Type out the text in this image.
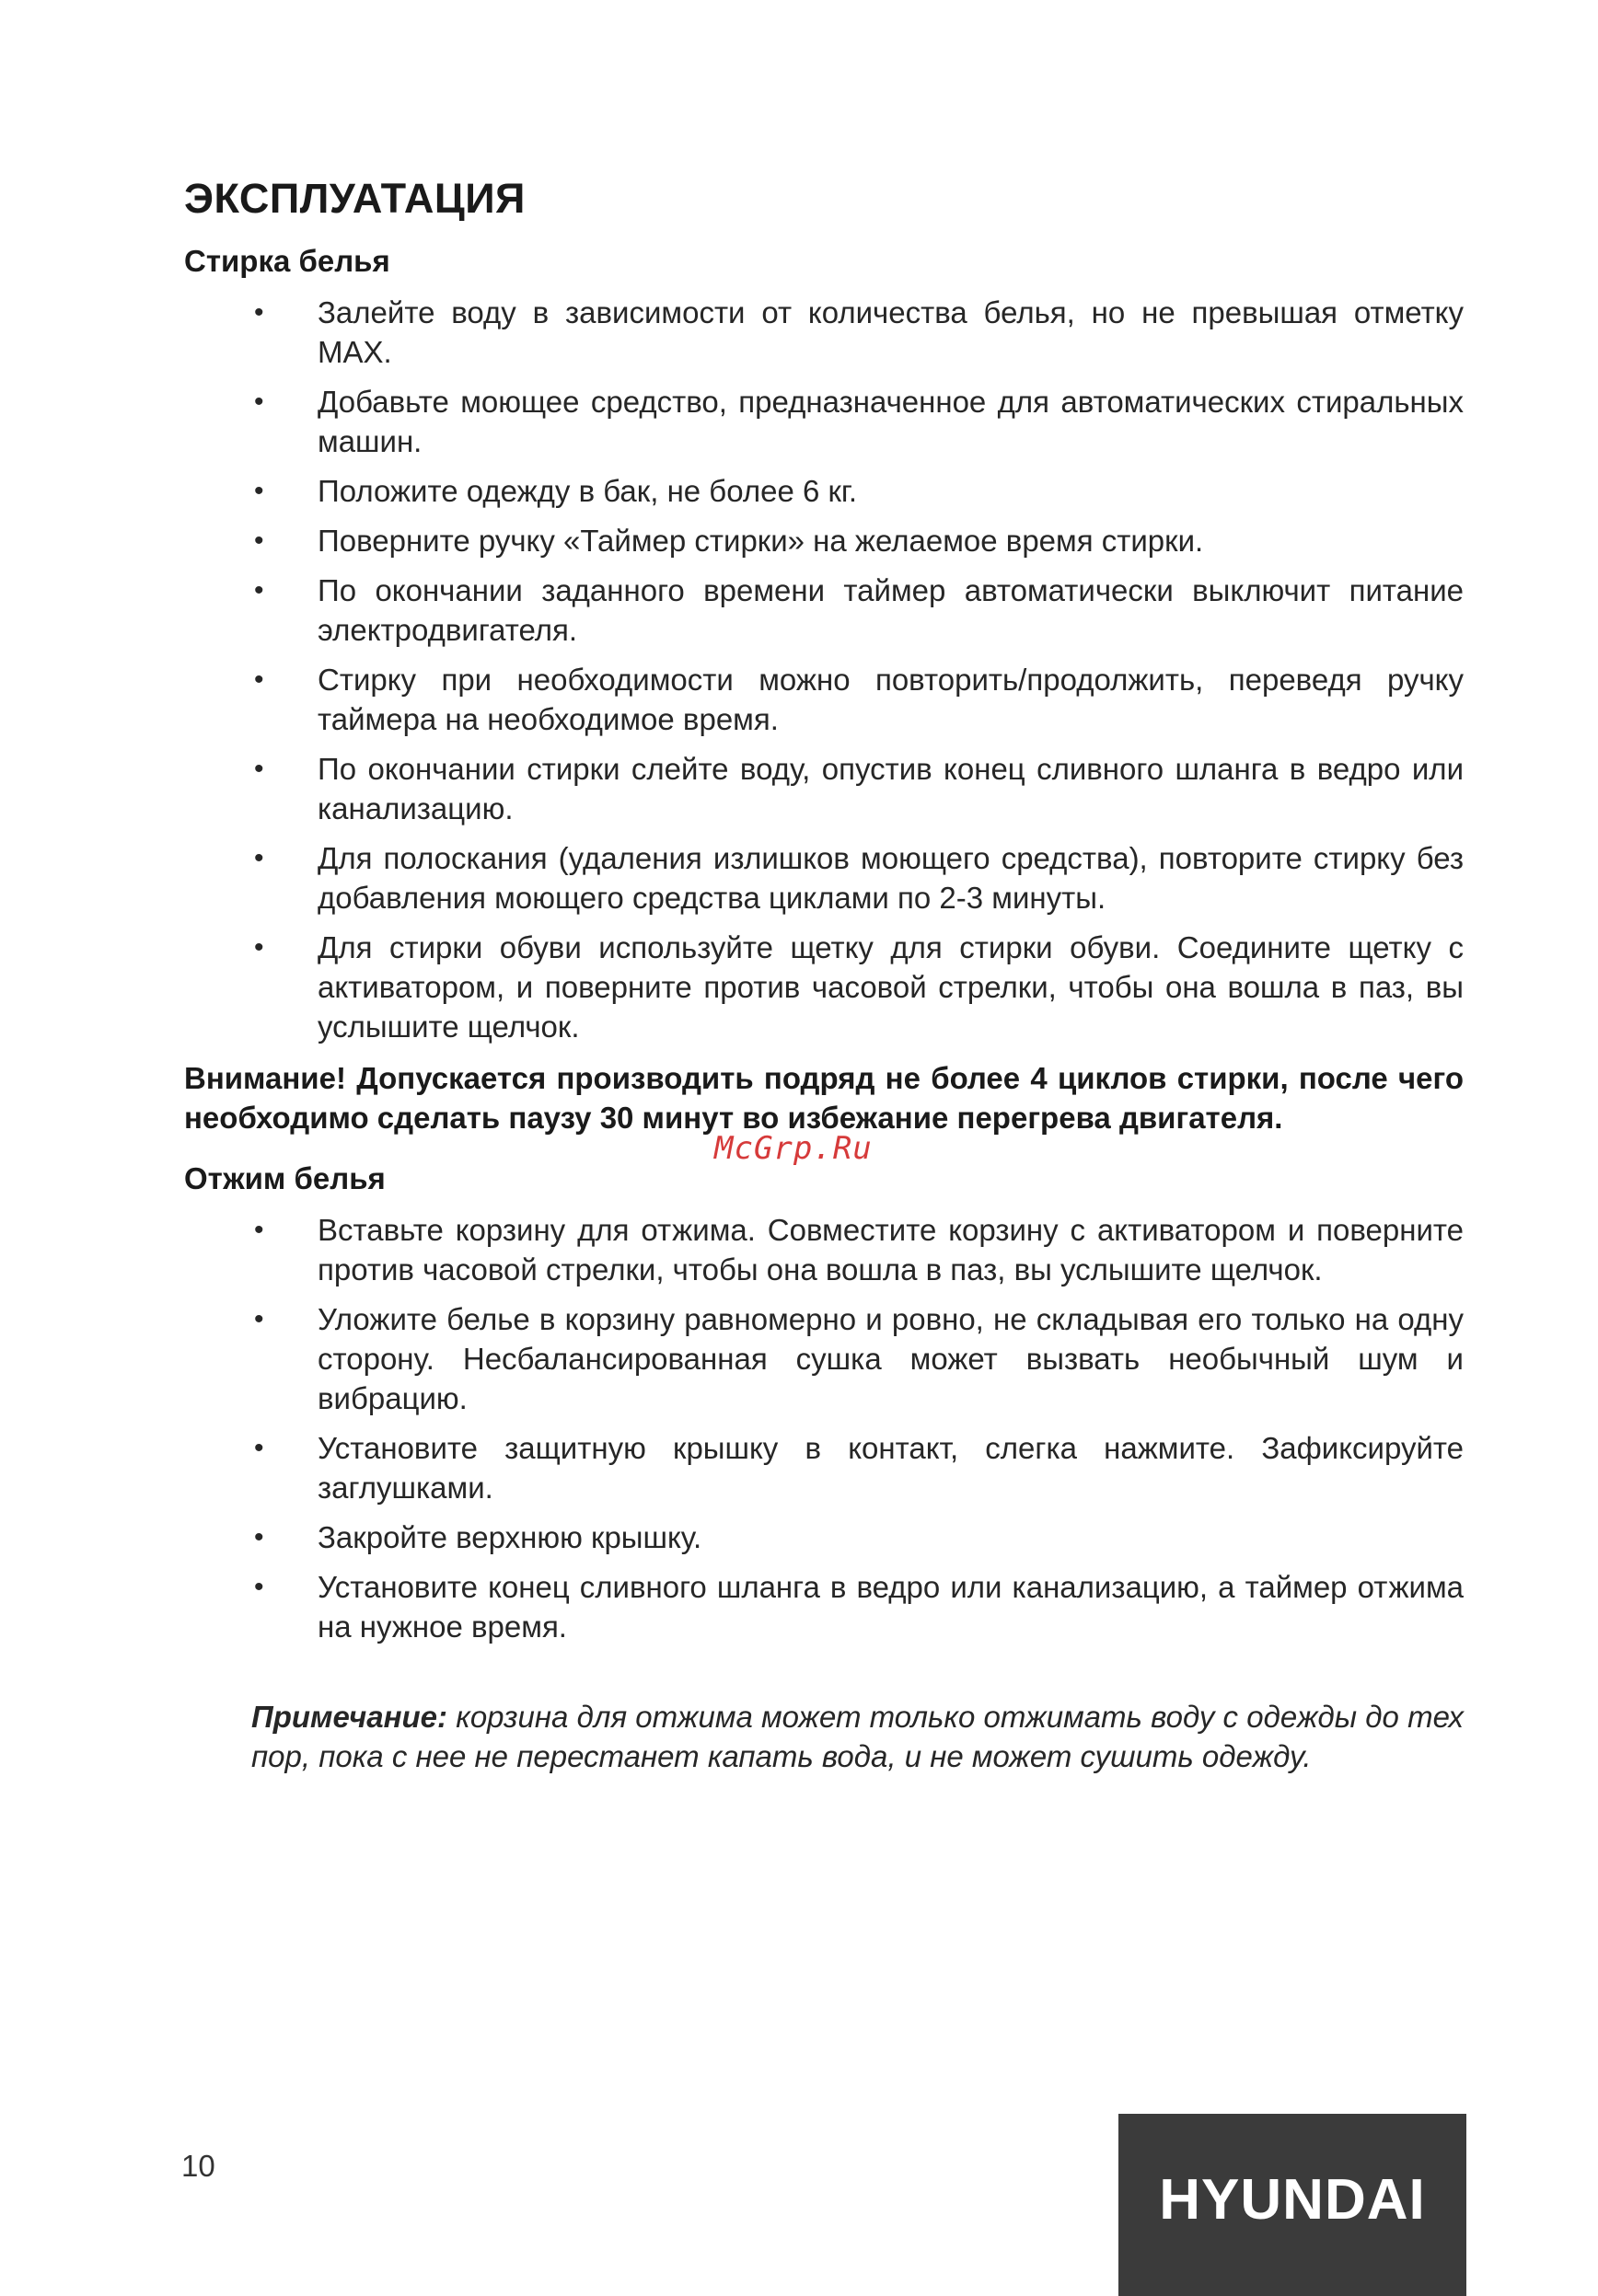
ЭКСПЛУАТАЦИЯ
Стирка белья
• Залейте воду в зависимости от количества белья, но не превышая отметку MAX.
• Добавьте моющее средство, предназначенное для автоматических стиральных машин.
• Положите одежду в бак, не более 6 кг.
• Поверните ручку «Таймер стирки» на желаемое время стирки.
• По окончании заданного времени таймер автоматически выключит питание электродвигателя.
• Стирку при необходимости можно повторить/продолжить, переведя ручку таймера на необходимое время.
• По окончании стирки слейте воду, опустив конец сливного шланга в ведро или канализацию.
• Для полоскания (удаления излишков моющего средства), повторите стирку без добавления моющего средства циклами по 2-3 минуты.
• Для стирки обуви используйте щетку для стирки обуви. Соедините щетку с активатором, и поверните против часовой стрелки, чтобы она вошла в паз, вы услышите щелчок.

Внимание! Допускается производить подряд не более 4 циклов стирки, после чего необходимо сделать паузу 30 минут во избежание перегрева двигателя.

McGrp.Ru
Отжим белья
• Вставьте корзину для отжима. Совместите корзину с активатором и поверните против часовой стрелки, чтобы она вошла в паз, вы услышите щелчок.
• Уложите белье в корзину равномерно и ровно, не складывая его только на одну сторону. Несбалансированная сушка может вызвать необычный шум и вибрацию.
• Установите защитную крышку в контакт, слегка нажмите. Зафиксируйте заглушками.
• Закройте верхнюю крышку.
• Установите конец сливного шланга в ведро или канализацию, а таймер отжима на нужное время.

Примечание: корзина для отжима может только отжимать воду с одежды до тех пор, пока с нее не перестанет капать вода, и не может сушить одежду.

10
HYUNDAI
